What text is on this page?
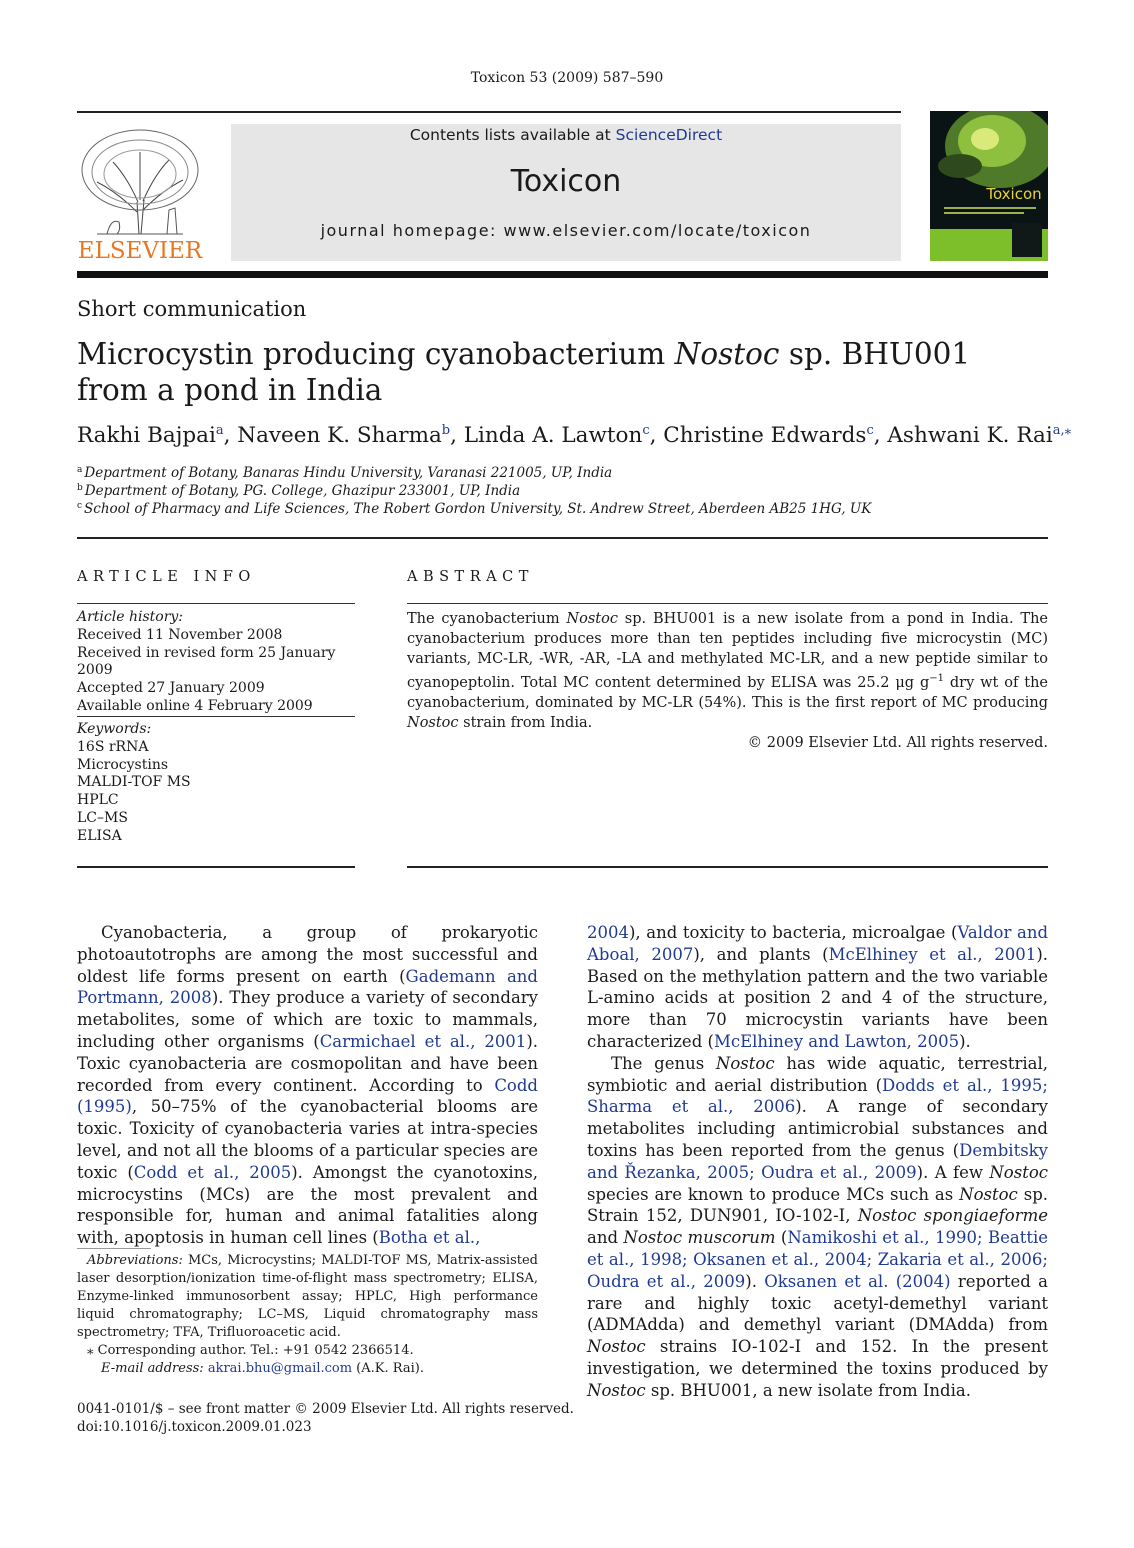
Toxicon 53 (2009) 587–590
ELSEVIER
Contents lists available at ScienceDirect
Toxicon
journal homepage: www.elsevier.com/locate/toxicon
Toxicon
Short communication
Microcystin producing cyanobacterium Nostoc sp. BHU001 from a pond in India
Rakhi Bajpai$^a$, Naveen K. Sharma$^b$, Linda A. Lawton$^c$, Christine Edwards$^c$, Ashwani K. Rai$^{a,⁎}$
$^a$ Department of Botany, Banaras Hindu University, Varanasi 221005, UP, India
$^b$ Department of Botany, PG. College, Ghazipur 233001, UP, India
$^c$ School of Pharmacy and Life Sciences, The Robert Gordon University, St. Andrew Street, Aberdeen AB25 1HG, UK
ARTICLE INFO
Article history:
Received 11 November 2008
Received in revised form 25 January 2009
Accepted 27 January 2009
Available online 4 February 2009
Keywords:
16S rRNA
Microcystins
MALDI-TOF MS
HPLC
LC–MS
ELISA
ABSTRACT
The cyanobacterium Nostoc sp. BHU001 is a new isolate from a pond in India. The cyanobacterium produces more than ten peptides including five microcystin (MC) variants, MC-LR, -WR, -AR, -LA and methylated MC-LR, and a new peptide similar to cyanopeptolin. Total MC content determined by ELISA was 25.2 μg $g^{-1}$ dry wt of the cyanobacterium, dominated by MC-LR (54%). This is the first report of MC producing Nostoc strain from India.
© 2009 Elsevier Ltd. All rights reserved.

Cyanobacteria, a group of prokaryotic photoautotrophs are among the most successful and oldest life forms present on earth (Gademann and Portmann, 2008). They produce a variety of secondary metabolites, some of which are toxic to mammals, including other organisms (Carmichael et al., 2001). Toxic cyanobacteria are cosmopolitan and have been recorded from every continent. According to Codd (1995), 50–75% of the cyanobacterial blooms are toxic. Toxicity of cyanobacteria varies at intra-species level, and not all the blooms of a particular species are toxic (Codd et al., 2005). Amongst the cyanotoxins, microcystins (MCs) are the most prevalent and responsible for, human and animal fatalities along with, apoptosis in human cell lines (Botha et al.,

Abbreviations: MCs, Microcystins; MALDI-TOF MS, Matrix-assisted laser desorption/ionization time-of-flight mass spectrometry; ELISA, Enzyme-linked immunosorbent assay; HPLC, High performance liquid chromatography; LC–MS, Liquid chromatography mass spectrometry; TFA, Trifluoroacetic acid.
⁎ Corresponding author. Tel.: +91 0542 2366514.
E-mail address: akrai.bhu@gmail.com (A.K. Rai).
0041-0101/$ – see front matter © 2009 Elsevier Ltd. All rights reserved.
doi:10.1016/j.toxicon.2009.01.023

2004), and toxicity to bacteria, microalgae (Valdor and Aboal, 2007), and plants (McElhiney et al., 2001). Based on the methylation pattern and the two variable L-amino acids at position 2 and 4 of the structure, more than 70 microcystin variants have been characterized (McElhiney and Lawton, 2005).

The genus Nostoc has wide aquatic, terrestrial, symbiotic and aerial distribution (Dodds et al., 1995; Sharma et al., 2006). A range of secondary metabolites including antimicrobial substances and toxins has been reported from the genus (Dembitsky and Řezanka, 2005; Oudra et al., 2009). A few Nostoc species are known to produce MCs such as Nostoc sp. Strain 152, DUN901, IO-102-I, Nostoc spongiaeforme and Nostoc muscorum (Namikoshi et al., 1990; Beattie et al., 1998; Oksanen et al., 2004; Zakaria et al., 2006; Oudra et al., 2009). Oksanen et al. (2004) reported a rare and highly toxic acetyl-demethyl variant (ADMAdda) and demethyl variant (DMAdda) from Nostoc strains IO-102-I and 152. In the present investigation, we determined the toxins produced by Nostoc sp. BHU001, a new isolate from India.
